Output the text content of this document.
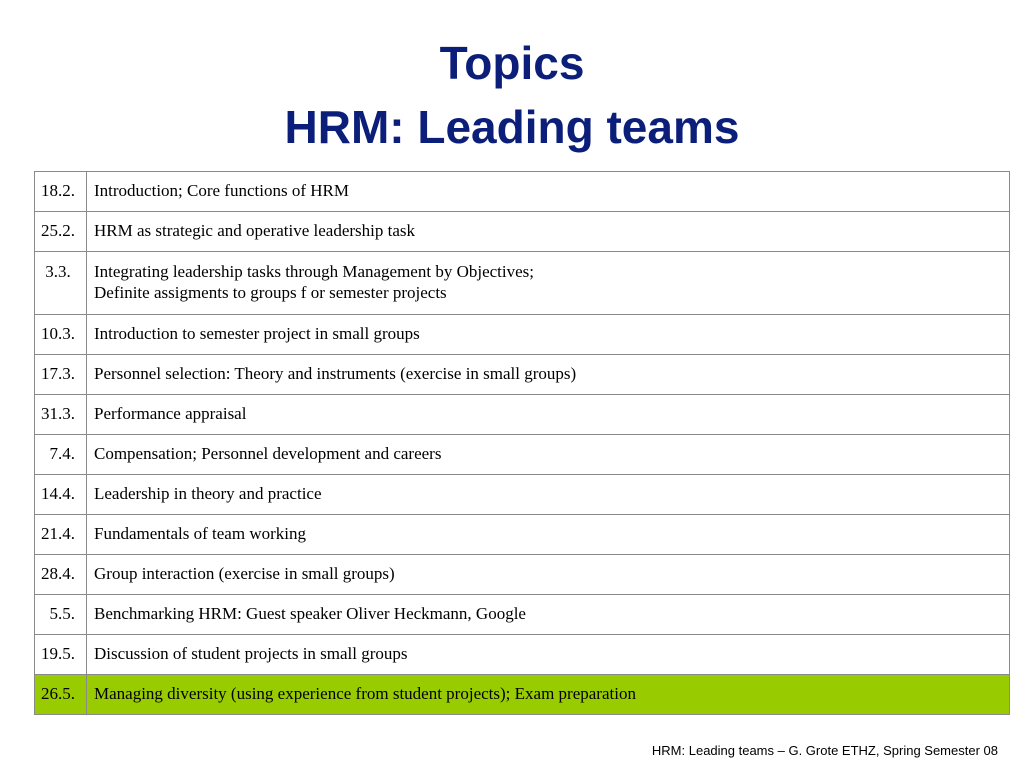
Topics
HRM: Leading teams
18.2.	Introduction; Core functions of HRM
25.2.	HRM as strategic and operative leadership task
3.3.	Integrating leadership tasks through Management by Objectives;
Definite assigments to groups f or semester projects

10.3.	Introduction to semester project in small groups
17.3.	Personnel selection: Theory and instruments (exercise in small groups)
31.3.	Performance appraisal
7.4.	Compensation; Personnel development and careers
14.4.	Leadership in theory and practice
21.4.	Fundamentals of team working
28.4.	Group interaction (exercise in small groups)
5.5.	Benchmarking HRM: Guest speaker Oliver Heckmann, Google
19.5.	Discussion of student projects in small groups
26.5.	Managing diversity (using experience from student projects); Exam preparation
HRM: Leading teams – G. Grote ETHZ, Spring Semester 08
